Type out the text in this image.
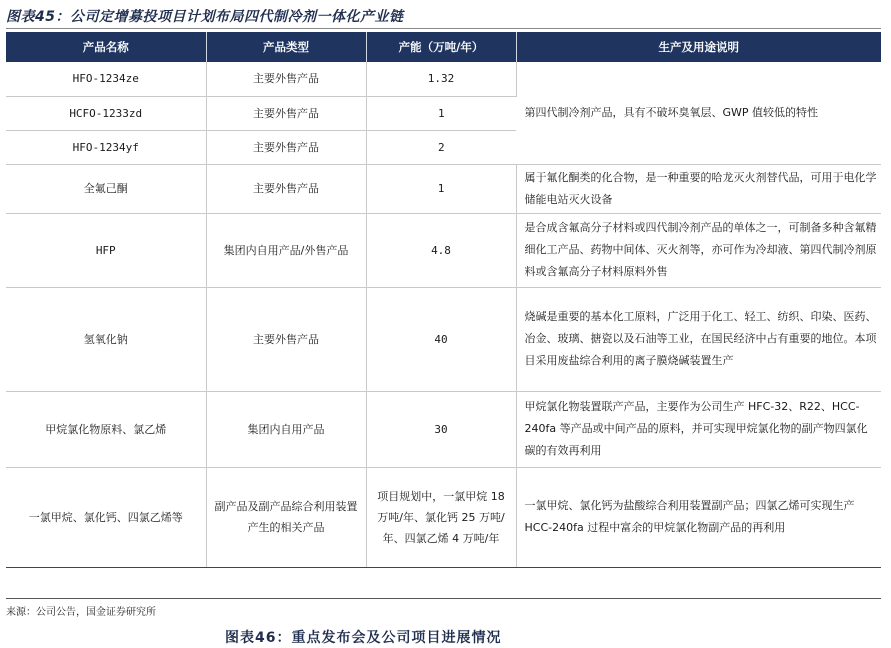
图表45：公司定增募投项目计划布局四代制冷剂一体化产业链
产品名称	产品类型	产能（万吨/年）	生产及用途说明
HFO-1234ze	主要外售产品	1.32	第四代制冷剂产品，具有不破坏臭氧层、GWP 值较低的特性
HCFO-1233zd	主要外售产品	1	
HFO-1234yf	主要外售产品	2	
全氟己酮	主要外售产品	1	属于氟化酮类的化合物，是一种重要的哈龙灭火剂替代品，可用于电化学储能电站灭火设备
HFP	集团内自用产品/外售产品	4.8	是合成含氟高分子材料或四代制冷剂产品的单体之一，可制备多种含氟精细化工产品、药物中间体、灭火剂等，亦可作为冷却液、第四代制冷剂原料或含氟高分子材料原料外售
氢氧化钠	主要外售产品	40	烧碱是重要的基本化工原料，广泛用于化工、轻工、纺织、印染、医药、冶金、玻璃、搪瓷以及石油等工业，在国民经济中占有重要的地位。本项目采用废盐综合利用的离子膜烧碱装置生产
甲烷氯化物原料、氯乙烯	集团内自用产品	30	甲烷氯化物装置联产产品，主要作为公司生产 HFC-32、R22、HCC-240fa 等产品或中间产品的原料，并可实现甲烷氯化物的副产物四氯化碳的有效再利用
一氯甲烷、氯化钙、四氯乙烯等	副产品及副产品综合利用装置产生的相关产品	项目规划中，一氯甲烷 18 万吨/年、氯化钙 25 万吨/年、四氯乙烯 4 万吨/年	一氯甲烷、氯化钙为盐酸综合利用装置副产品；四氯乙烯可实现生产 HCC-240fa 过程中富余的甲烷氯化物副产品的再利用
来源：公司公告，国金证券研究所
图表46：重点发布会及公司项目进展情况
